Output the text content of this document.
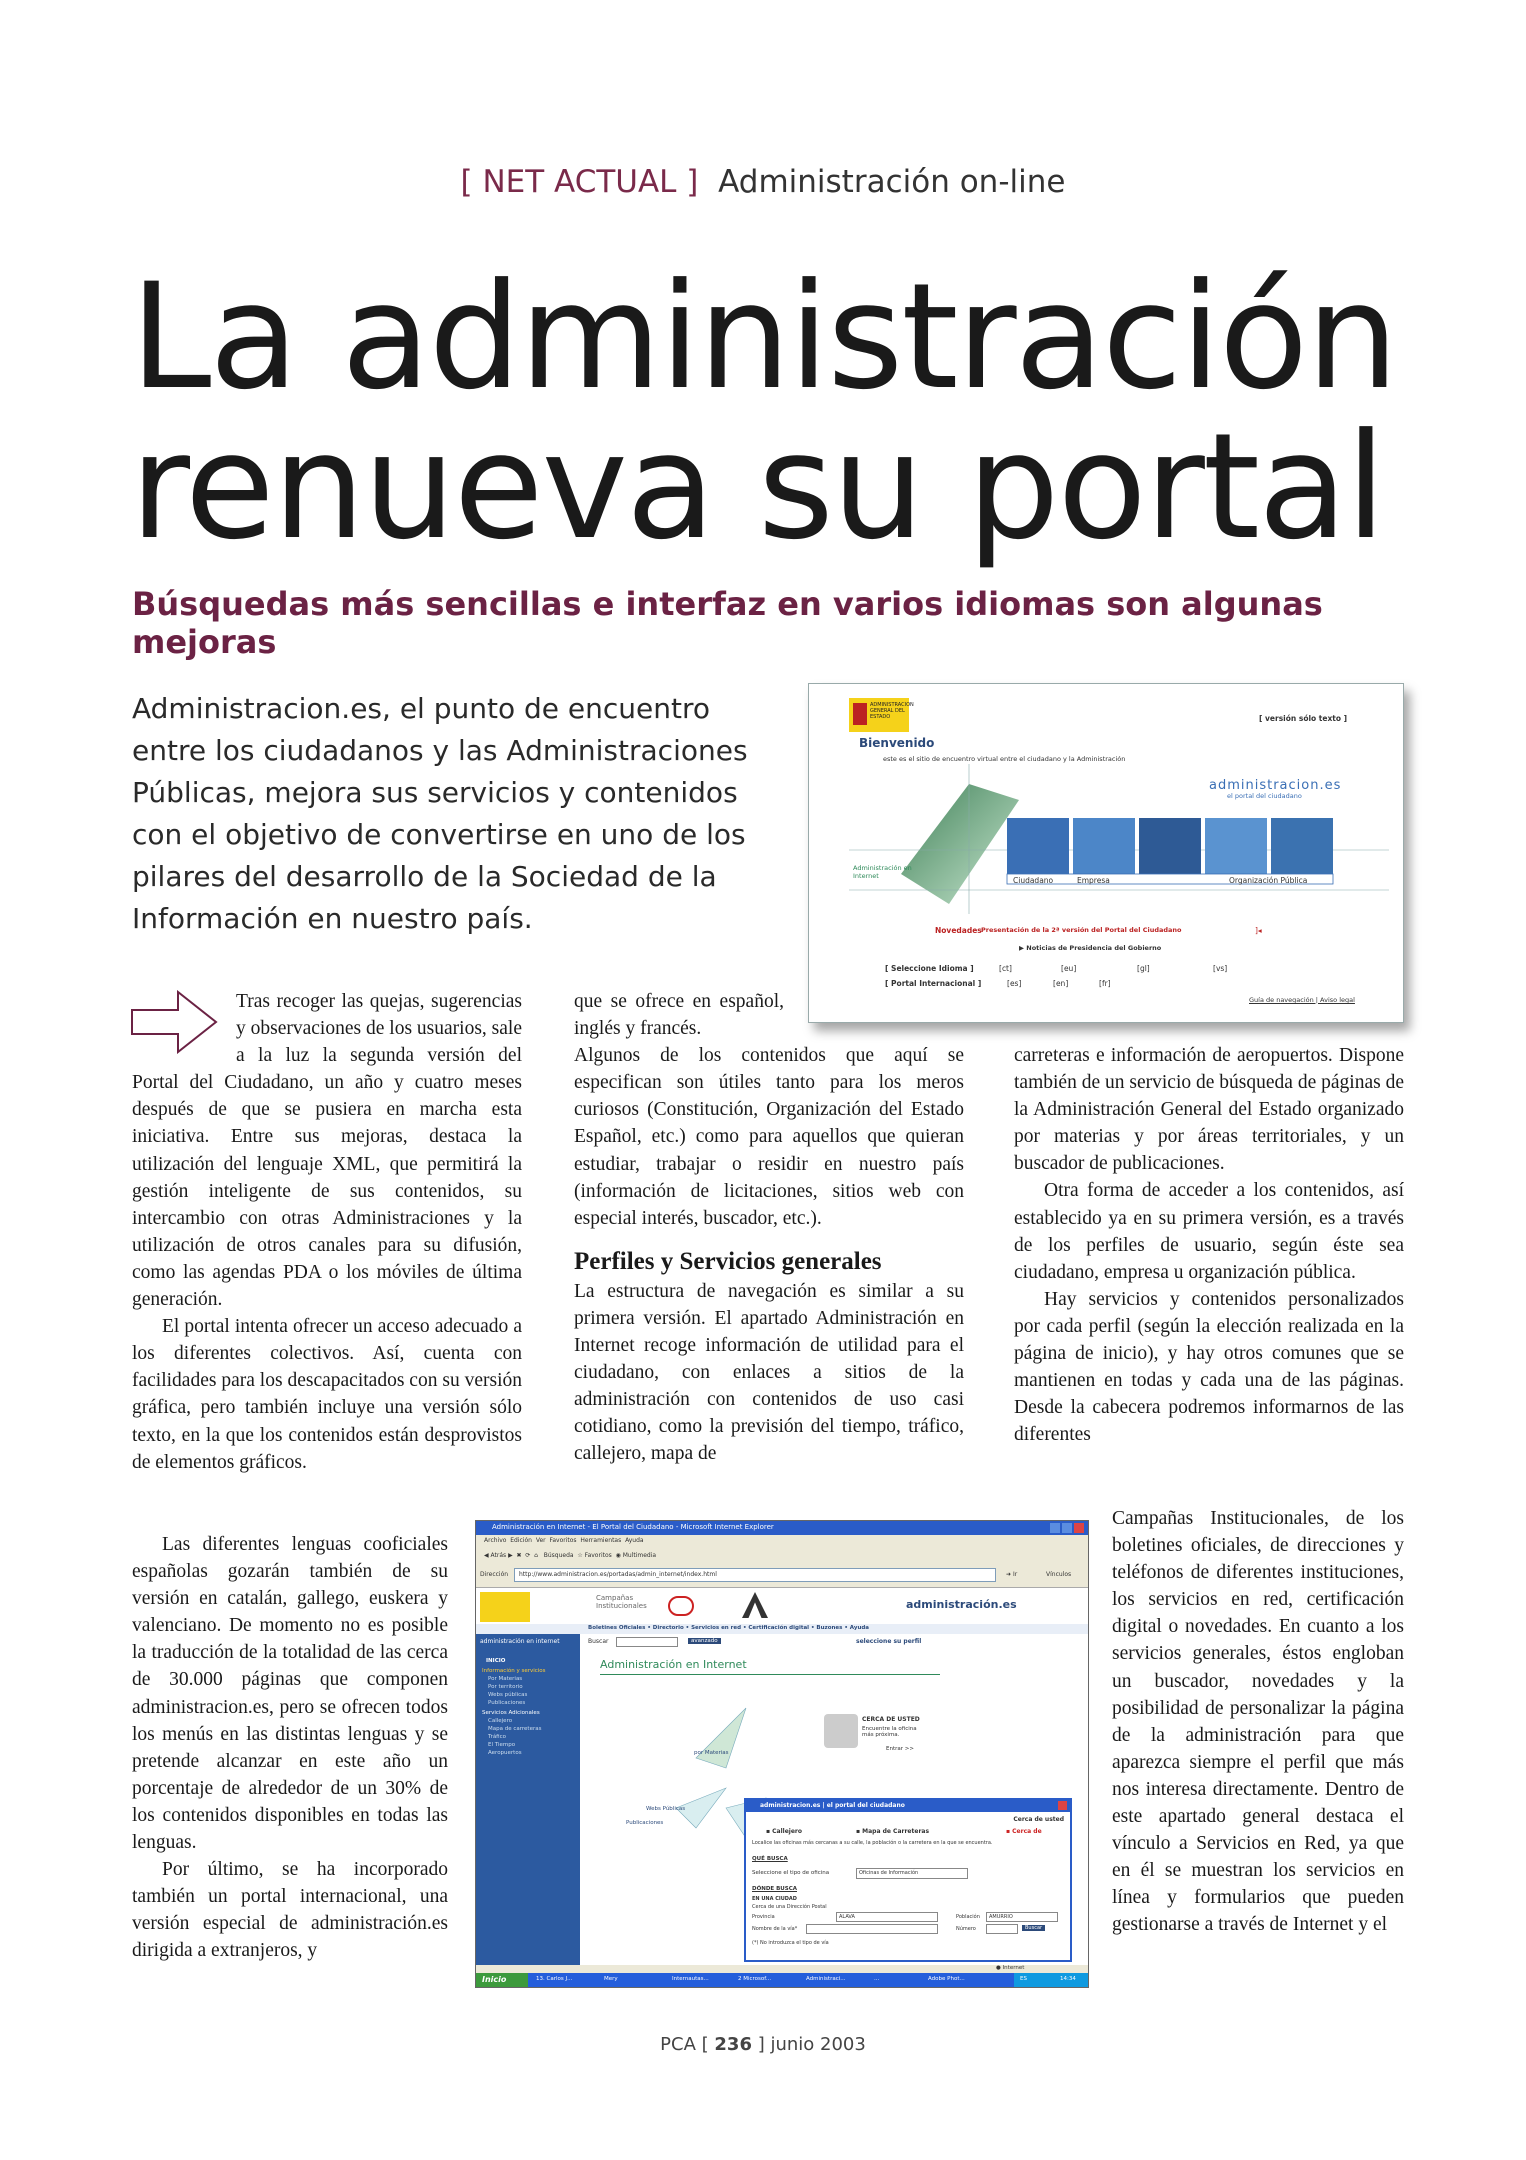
[ NET ACTUAL ] Administración on-line
La administración
renueva su portal
Búsquedas más sencillas e interfaz en varios idiomas son algunas mejoras

Administracion.es, el punto de encuentro entre los ciudadanos y las Administraciones Públicas, mejora sus servicios y contenidos con el objetivo de convertirse en uno de los pilares del desarrollo de la Sociedad de la Información en nuestro país.

Tras recoger las quejas, sugerencias y observaciones de los usuarios, sale a la luz la segunda versión del Portal del Ciudadano, un año y cuatro meses después de que se pusiera en marcha esta iniciativa. Entre sus mejoras, destaca la utilización del lenguaje XML, que permitirá la gestión inteligente de sus contenidos, su intercambio con otras Administraciones y la utilización de otros canales para su difusión, como las agendas PDA o los móviles de última generación.

El portal intenta ofrecer un acceso adecuado a los diferentes colectivos. Así, cuenta con facilidades para los descapacitados con su versión gráfica, pero también incluye una versión sólo texto, en la que los contenidos están desprovistos de elementos gráficos.

Las diferentes lenguas cooficiales españolas gozarán también de su versión en catalán, gallego, euskera y valenciano. De momento no es posible la traducción de la totalidad de las cerca de 30.000 páginas que componen administracion.es, pero se ofrecen todos los menús en las distintas lenguas y se pretende alcanzar en este año un porcentaje de alrededor de un 30% de los contenidos disponibles en todas las lenguas.

Por último, se ha incorporado también un portal internacional, una versión especial de administración.es dirigida a extranjeros, y

que se ofrece en español, inglés y francés.

Algunos de los contenidos que aquí se especifican son útiles tanto para los meros curiosos (Constitución, Organización del Estado Español, etc.) como para aquellos que quieran estudiar, trabajar o residir en nuestro país (información de licitaciones, sitios web con especial interés, buscador, etc.).

Perfiles y Servicios generales

La estructura de navegación es similar a su primera versión. El apartado Administración en Internet recoge información de utilidad para el ciudadano, con enlaces a sitios de la administración con contenidos de uso casi cotidiano, como la previsión del tiempo, tráfico, callejero, mapa de

carreteras e información de aeropuertos. Dispone también de un servicio de búsqueda de páginas de la Administración General del Estado organizado por materias y por áreas territoriales, y un buscador de publicaciones.

Otra forma de acceder a los contenidos, así establecido ya en su primera versión, es a través de los perfiles de usuario, según éste sea ciudadano, empresa u organización pública.

Hay servicios y contenidos personalizados por cada perfil (según la elección realizada en la página de inicio), y hay otros comunes que se mantienen en todas y cada una de las páginas. Desde la cabecera podremos informarnos de las diferentes

Campañas Institucionales, de los boletines oficiales, de direcciones y teléfonos de diferentes instituciones, los servicios en red, certificación digital o novedades. En cuanto a los servicios generales, éstos engloban un buscador, novedades y la posibilidad de personalizar la página de la administración para que aparezca siempre el perfil que más nos interesa directamente. Dentro de este apartado general destaca el vínculo a Servicios en Red, ya que en él se muestran los servicios en línea y formularios que pueden gestionarse a través de Internet y el

ADMINISTRACION GENERAL DEL ESTADO	[ versión sólo texto ]
Bienvenido
este es el sitio de encuentro virtual entre el ciudadano y la Administración
administracion.es
el portal del ciudadano
Administración en Internet	Ciudadano	Empresa	Organización Pública
Novedades Presentación de la 2ª versión del Portal del Ciudadano	]◂
▶ Noticias de Presidencia del Gobierno
[ Seleccione Idioma ]
[ Portal Internacional ]
[ct]	[eu]	[gl]	[vs]
[es]	[en]	[fr]
Guía de navegación | Aviso legal
Administración en Internet - El Portal del Ciudadano - Microsoft Internet Explorer
Archivo Edición Ver Favoritos Herramientas Ayuda
◀ Atrás ▶  ✖  ⟳  ⌂   Búsqueda  ☆ Favoritos  ◉ Multimedia
Dirección http://www.administracion.es/portadas/admin_internet/index.html	➜ Ir	Vínculos
Campañas Institucionales	administración.es
Boletines Oficiales • Directorio • Servicios en red • Certificación digital • Buzones • Ayuda
Buscar	avanzado	seleccione su perfil
administración en internet
INICIO
Información y servicios
Por Materias
Por territorio
Webs públicas
Publicaciones
Servicios Adicionales
Callejero
Mapa de carreteras
Tráfico
El Tiempo
Aeropuertos
Administración en Internet
por Materias
Webs Públicas
Publicaciones
CERCA DE USTED
Encuentre la oficina más próxima.
Entrar >>
administracion.es | el portal del ciudadano
Cerca de usted
▪ Callejero	▪ Mapa de Carreteras	▪ Cerca de
Localice las oficinas más cercanas a su calle, la población o la carretera en la que se encuentra.
QUÉ BUSCA
Seleccione el tipo de oficina	Oficinas de Información
DÓNDE BUSCA
EN UNA CIUDAD
Cerca de una Dirección Postal
Provincia	ALAVA	Población AMURRIO
Nombre de la vía*	Número	Buscar
(*) No introduzca el tipo de vía
● Internet
Inicio	13. Carlos J...	Mery	Internautas...	2 Microsof...	Administraci...	...	Adobe Phot...	ES	14:34
PCA [ 236 ] junio 2003
